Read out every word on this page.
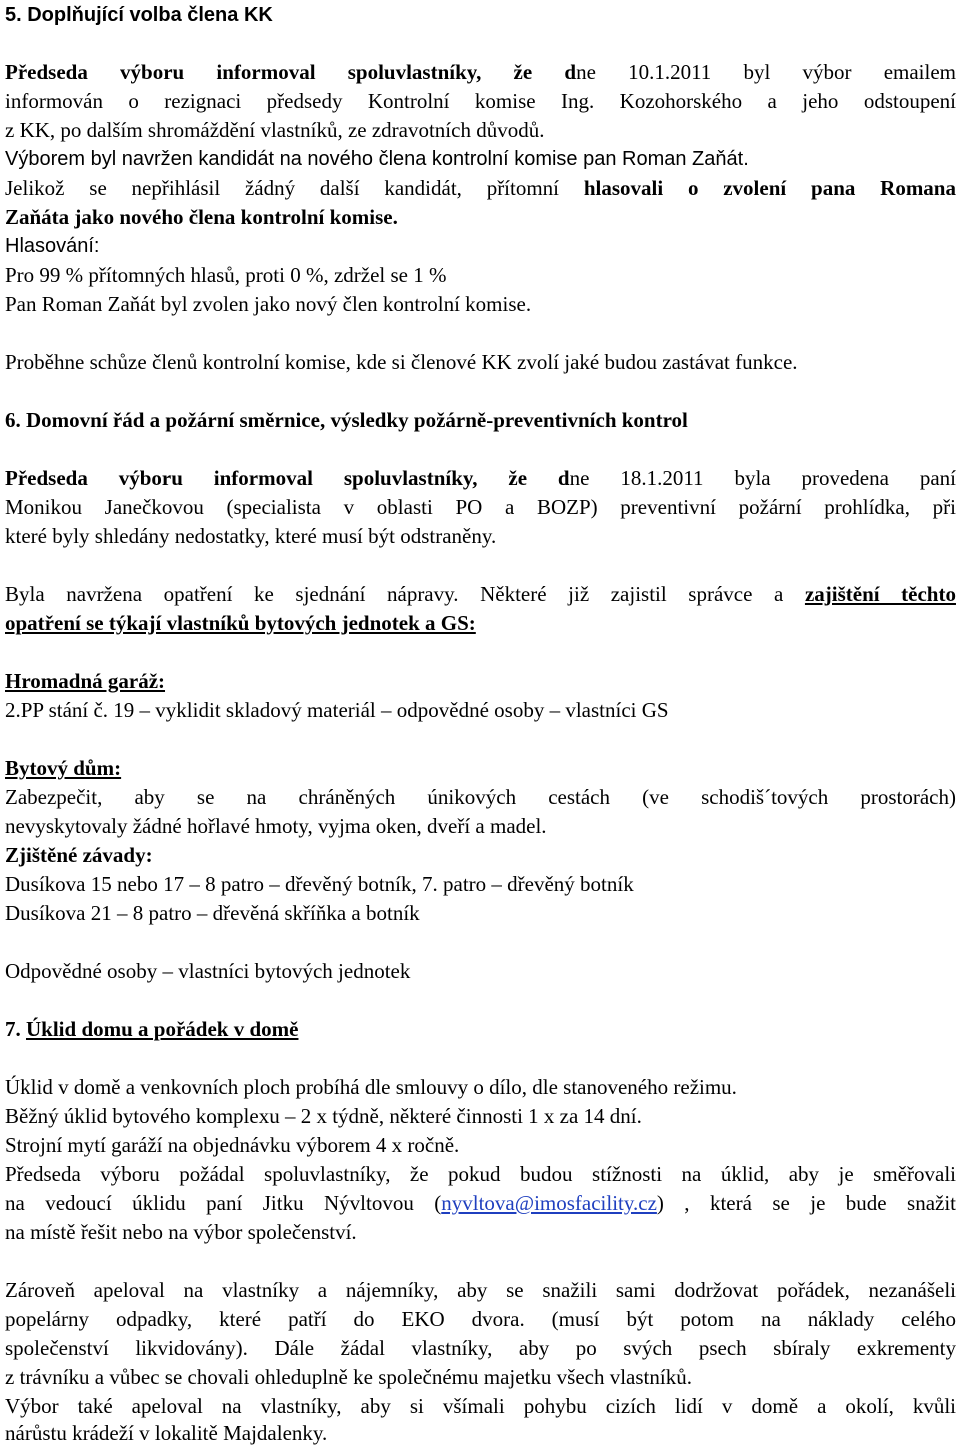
5. Doplňující volba člena KK
Předseda výboru informoval spoluvlastníky, že dne 10.1.2011 byl výbor emailem
informován o rezignaci předsedy Kontrolní komise Ing. Kozohorského a jeho odstoupení
z KK, po dalším shromáždění vlastníků, ze zdravotních důvodů.
Výborem byl navržen kandidát na nového člena kontrolní komise pan Roman Zaňát.
Jelikož se nepřihlásil žádný další kandidát, přítomní hlasovali o zvolení pana Romana
Zaňáta jako nového člena kontrolní komise.
Hlasování:
Pro 99 % přítomných hlasů, proti 0 %, zdržel se 1 %
Pan Roman Zaňát byl zvolen jako nový člen kontrolní komise.
Proběhne schůze členů kontrolní komise, kde si členové KK zvolí jaké budou zastávat funkce.
6. Domovní řád a požární směrnice, výsledky požárně-preventivních kontrol
Předseda výboru informoval spoluvlastníky, že dne 18.1.2011 byla provedena paní
Monikou Janečkovou (specialista v oblasti PO a BOZP) preventivní požární prohlídka, při
které byly shledány nedostatky, které musí být odstraněny.
Byla navržena opatření ke sjednání nápravy. Některé již zajistil správce a zajištění těchto
opatření se týkají vlastníků bytových jednotek a GS:
Hromadná garáž:
2.PP stání č. 19 – vyklidit skladový materiál – odpovědné osoby – vlastníci GS
Bytový dům:
Zabezpečit, aby se na chráněných únikových cestách (ve schodiš´tových prostorách)
nevyskytovaly žádné hořlavé hmoty, vyjma oken, dveří a madel.
Zjištěné závady:
Dusíkova 15 nebo 17 – 8 patro – dřevěný botník, 7. patro – dřevěný botník
Dusíkova 21 – 8 patro – dřevěná skříňka a botník
Odpovědné osoby – vlastníci bytových jednotek
7. Úklid domu a pořádek v domě
Úklid v domě a venkovních ploch probíhá dle smlouvy o dílo, dle stanoveného režimu.
Běžný úklid bytového komplexu – 2 x týdně, některé činnosti 1 x za 14 dní.
Strojní mytí garáží na objednávku výborem 4 x ročně.
Předseda výboru požádal spoluvlastníky, že pokud budou stížnosti na úklid, aby je směřovali
na vedoucí úklidu paní Jitku Nývltovou (nyvltova@imosfacility.cz) , která se je bude snažit
na místě řešit nebo na výbor společenství.
Zároveň apeloval na vlastníky a nájemníky, aby se snažili sami dodržovat pořádek, nezanášeli
popelárny odpadky, které patří do EKO dvora. (musí být potom na náklady celého
společenství likvidovány). Dále žádal vlastníky, aby po svých psech sbíraly exkrementy
z trávníku a vůbec se chovali ohleduplně ke společnému majetku všech vlastníků.
Výbor také apeloval na vlastníky, aby si všímali pohybu cizích lidí v domě a okolí, kvůli
nárůstu krádeží v lokalitě Majdalenky.
